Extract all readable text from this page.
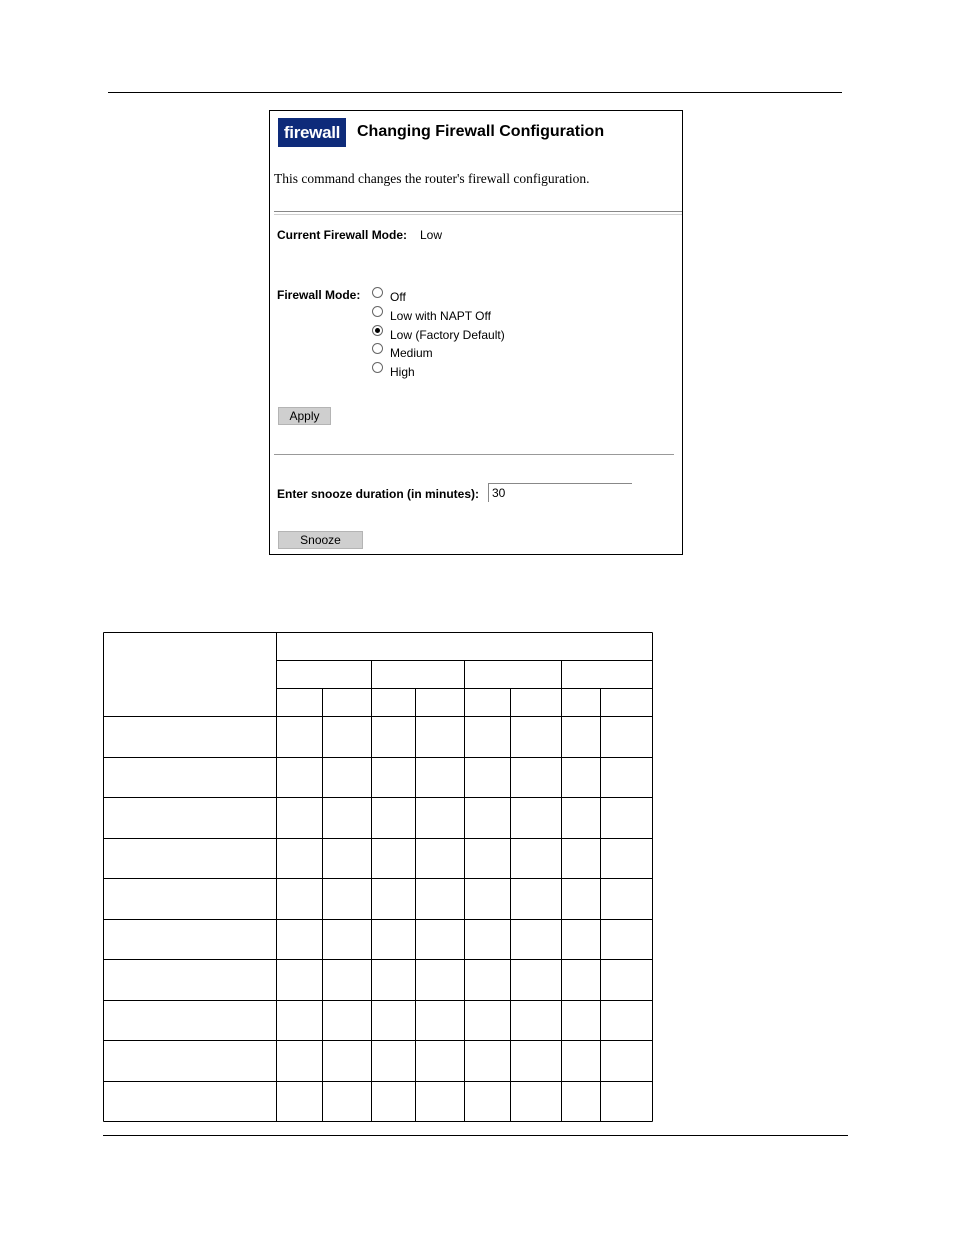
firewall	Changing Firewall Configuration
This command changes the router's firewall configuration.
Current Firewall Mode: Low
Firewall Mode:	Off
Low with NAPT Off
Low (Factory Default)
Medium
High
Apply
Enter snooze duration (in minutes):
30
Snooze
